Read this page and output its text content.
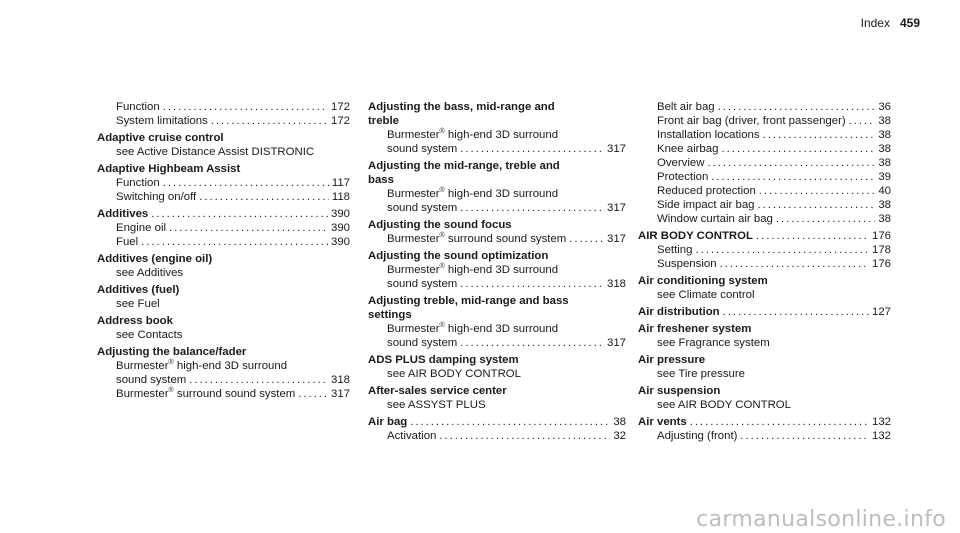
Index 459
Function . . .	172
System limitations . . .	172
Adaptive cruise control
see Active Distance Assist DISTRONIC
Adaptive Highbeam Assist
Function . . .	117
Switching on/off . . .	118
Additives . . .	390
Engine oil . . .	390
Fuel . . .	390
Additives (engine oil)
see Additives
Additives (fuel)
see Fuel
Address book
see Contacts
Adjusting the balance/fader
Burmester® high-end 3D surround
sound system . . .	318
Burmester® surround sound system . . .	317
Adjusting the bass, mid-range and
treble
Burmester® high-end 3D surround
sound system . . .	317
Adjusting the mid-range, treble and
bass
Burmester® high-end 3D surround
sound system . . .	317
Adjusting the sound focus
Burmester® surround sound system . . .	317
Adjusting the sound optimization
Burmester® high-end 3D surround
sound system . . .	318
Adjusting treble, mid-range and bass
settings
Burmester® high-end 3D surround
sound system . . .	317
ADS PLUS damping system
see AIR BODY CONTROL
After-sales service center
see ASSYST PLUS
Air bag . . .	38
Activation . . .	32
Belt air bag . . .	36
Front air bag (driver, front passenger) . . .	38
Installation locations . . .	38
Knee airbag . . .	38
Overview . . .	38
Protection . . .	39
Reduced protection . . .	40
Side impact air bag . . .	38
Window curtain air bag . . .	38
AIR BODY CONTROL . . .	176
Setting . . .	178
Suspension . . .	176
Air conditioning system
see Climate control
Air distribution . . .	127
Air freshener system
see Fragrance system
Air pressure
see Tire pressure
Air suspension
see AIR BODY CONTROL
Air vents . . .	132
Adjusting (front) . . .	132
carmanualsonline.info
